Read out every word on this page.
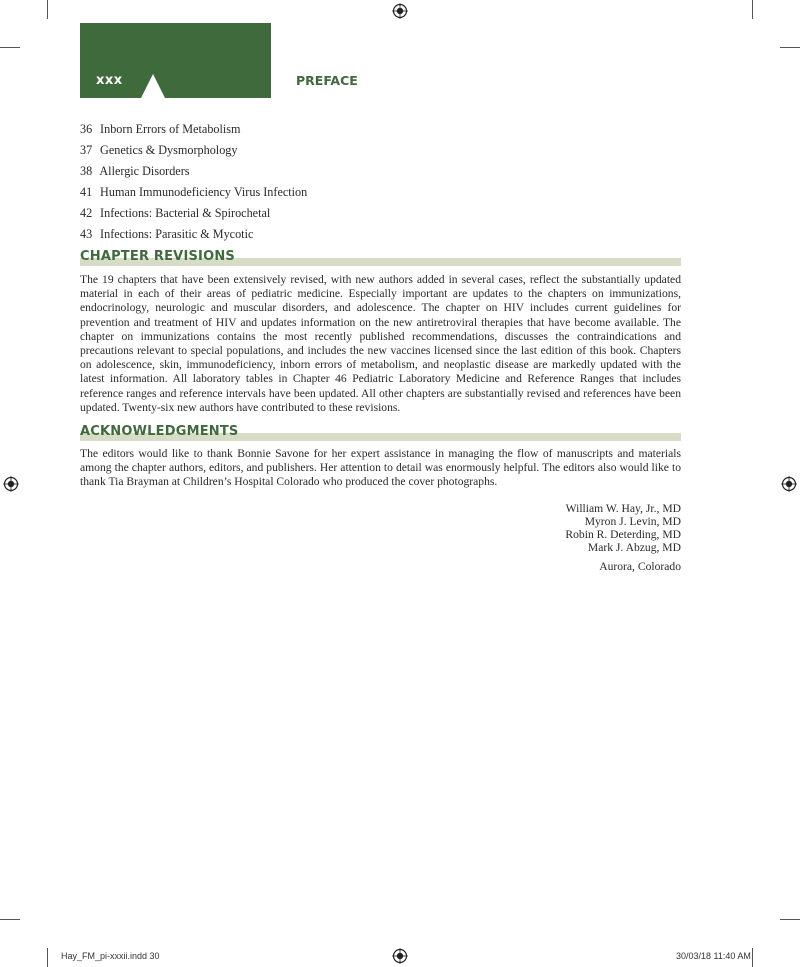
xxx	PREFACE
36 Inborn Errors of Metabolism
37 Genetics & Dysmorphology
38 Allergic Disorders
41 Human Immunodeficiency Virus Infection
42 Infections: Bacterial & Spirochetal
43 Infections: Parasitic & Mycotic
CHAPTER REVISIONS

The 19 chapters that have been extensively revised, with new authors added in several cases, reflect the substantially updated material in each of their areas of pediatric medicine. Especially important are updates to the chapters on immunizations, endocrinology, neurologic and muscular disorders, and adolescence. The chapter on HIV includes current guidelines for prevention and treatment of HIV and updates information on the new antiretroviral therapies that have become available. The chapter on immunizations contains the most recently published recommendations, discusses the contraindications and precautions relevant to special populations, and includes the new vaccines licensed since the last edition of this book. Chapters on adolescence, skin, immunodeficiency, inborn errors of metabolism, and neoplastic disease are markedly updated with the latest information. All laboratory tables in Chapter 46 Pediatric Laboratory Medicine and Reference Ranges that includes reference ranges and reference intervals have been updated. All other chapters are substantially revised and references have been updated. Twenty-six new authors have contributed to these revisions.

ACKNOWLEDGMENTS

The editors would like to thank Bonnie Savone for her expert assistance in managing the flow of manuscripts and materials among the chapter authors, editors, and publishers. Her attention to detail was enormously helpful. The editors also would like to thank Tia Brayman at Children’s Hospital Colorado who produced the cover photographs.

William W. Hay, Jr., MD
Myron J. Levin, MD
Robin R. Deterding, MD
Mark J. Abzug, MD
Aurora, Colorado
Hay_FM_pi-xxxii.indd 30	30/03/18 11:40 AM
